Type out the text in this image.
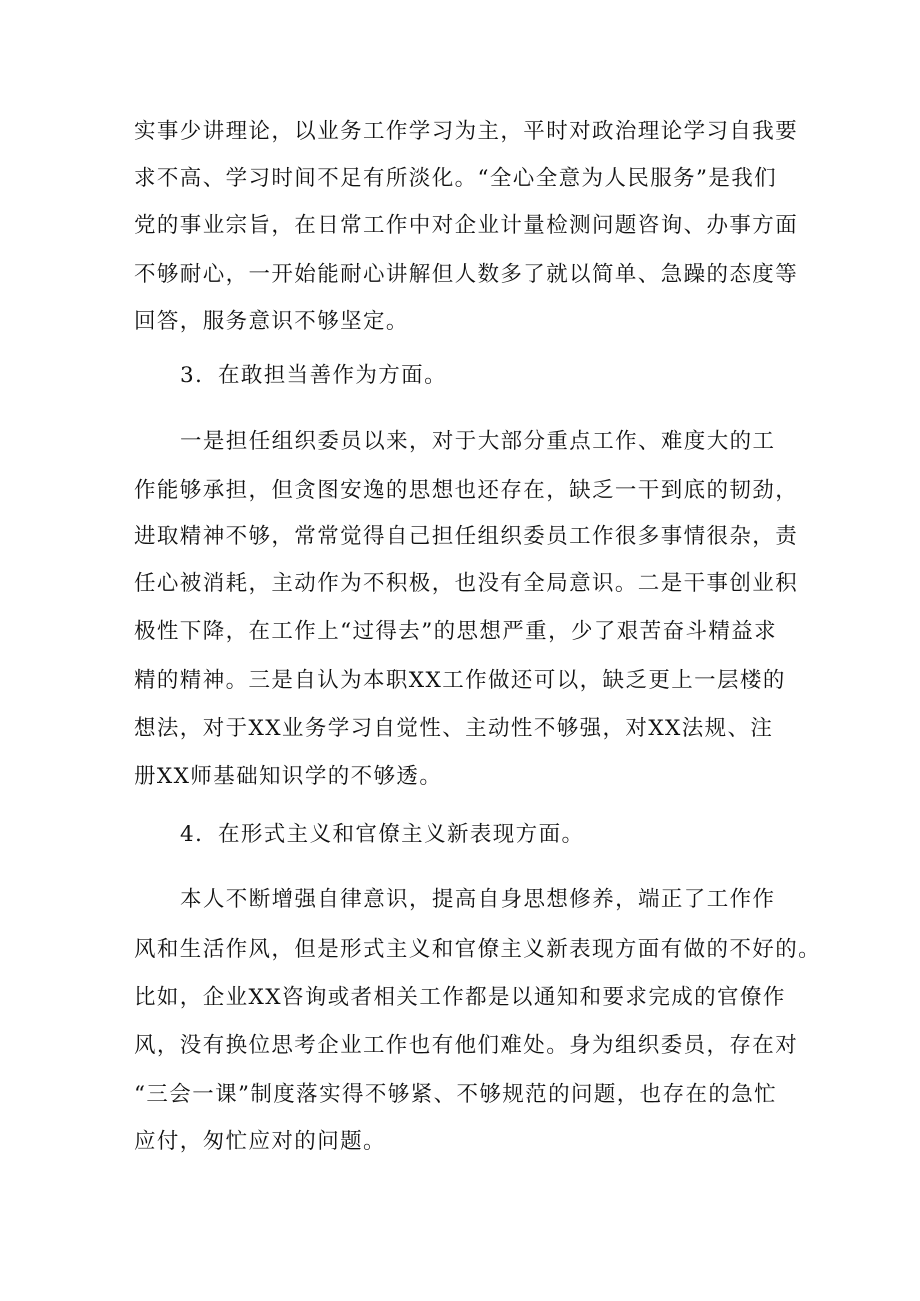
实事少讲理论，以业务工作学习为主，平时对政治理论学习自我要
求不高、学习时间不足有所淡化。“全心全意为人民服务”是我们
党的事业宗旨，在日常工作中对企业计量检测问题咨询、办事方面
不够耐心，一开始能耐心讲解但人数多了就以简单、急躁的态度等
回答，服务意识不够坚定。
3．在敢担当善作为方面。
一是担任组织委员以来，对于大部分重点工作、难度大的工
作能够承担，但贪图安逸的思想也还存在，缺乏一干到底的韧劲，
进取精神不够，常常觉得自己担任组织委员工作很多事情很杂，责
任心被消耗，主动作为不积极，也没有全局意识。二是干事创业积
极性下降，在工作上“过得去”的思想严重，少了艰苦奋斗精益求
精的精神。三是自认为本职XX工作做还可以，缺乏更上一层楼的
想法，对于XX业务学习自觉性、主动性不够强，对XX法规、注
册XX师基础知识学的不够透。
4．在形式主义和官僚主义新表现方面。
本人不断增强自律意识，提高自身思想修养，端正了工作作
风和生活作风，但是形式主义和官僚主义新表现方面有做的不好的。
比如，企业XX咨询或者相关工作都是以通知和要求完成的官僚作
风，没有换位思考企业工作也有他们难处。身为组织委员，存在对
“三会一课”制度落实得不够紧、不够规范的问题，也存在的急忙
应付，匆忙应对的问题。
